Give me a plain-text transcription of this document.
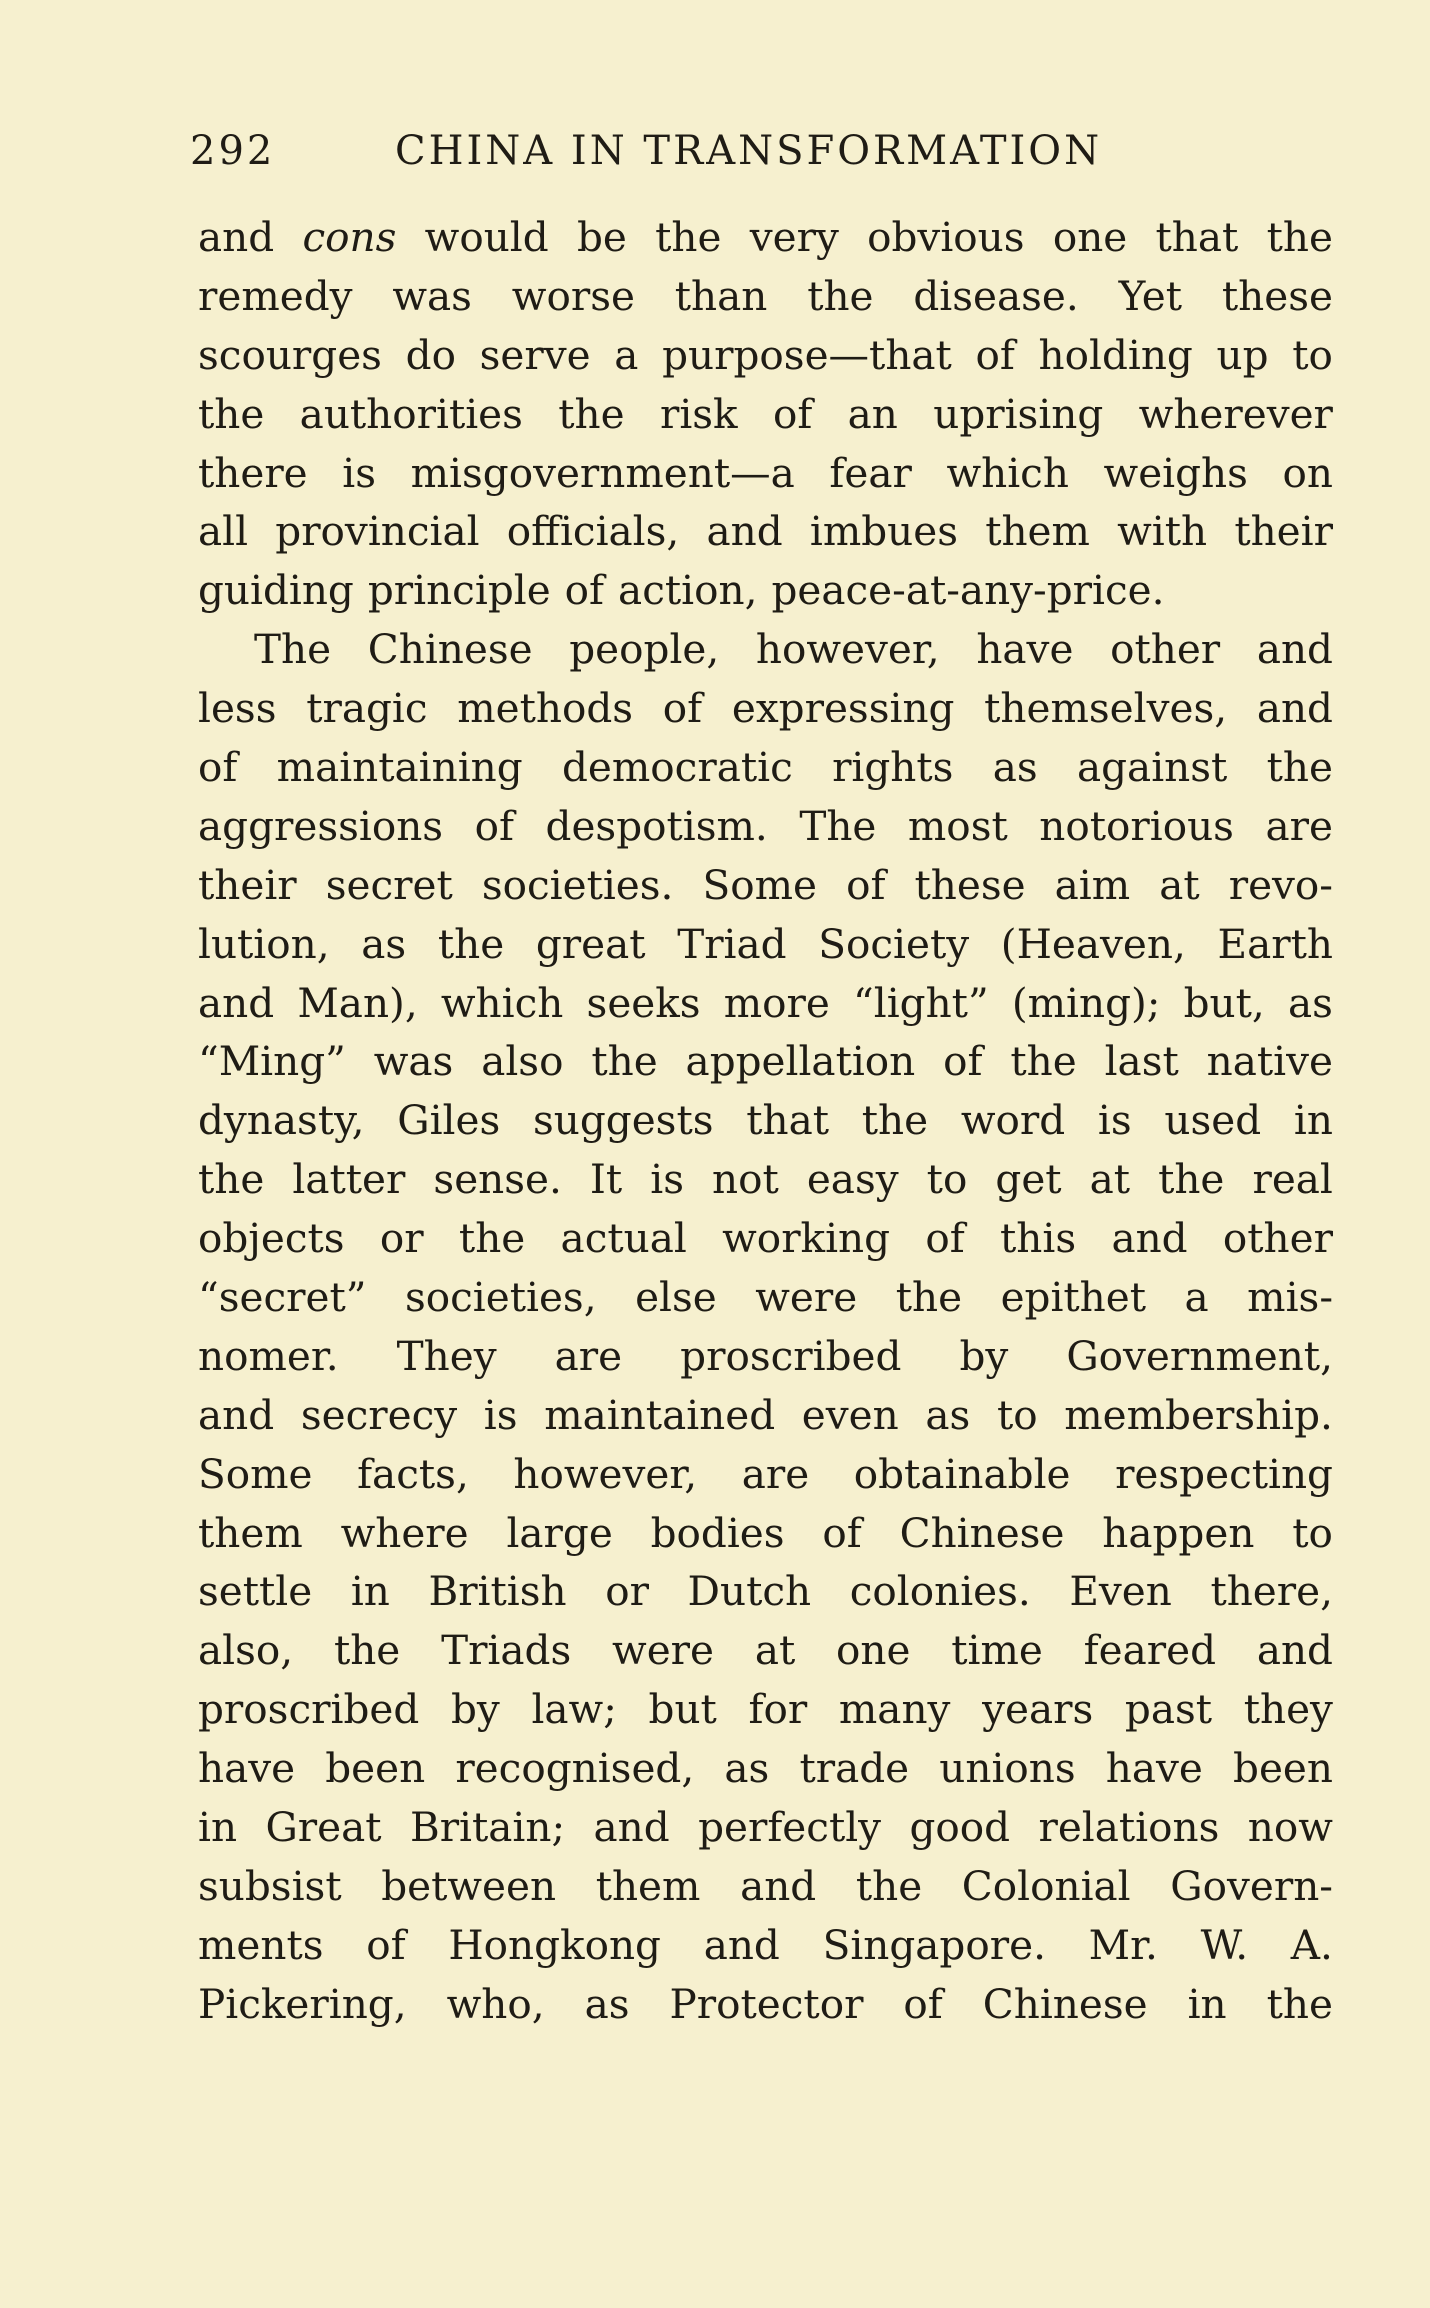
292	CHINA IN TRANSFORMATION
and cons would be the very obvious one that the
remedy was worse than the disease. Yet these
scourges do serve a purpose—that of holding up to
the authorities the risk of an uprising wherever
there is misgovernment—a fear which weighs on
all provincial officials, and imbues them with their
guiding principle of action, peace-at-any-price.
The Chinese people, however, have other and
less tragic methods of expressing themselves, and
of maintaining democratic rights as against the
aggressions of despotism. The most notorious are
their secret societies. Some of these aim at revo-
lution, as the great Triad Society (Heaven, Earth
and Man), which seeks more “light” (ming); but, as
“Ming” was also the appellation of the last native
dynasty, Giles suggests that the word is used in
the latter sense. It is not easy to get at the real
objects or the actual working of this and other
“secret” societies, else were the epithet a mis-
nomer. They are proscribed by Government,
and secrecy is maintained even as to membership.
Some facts, however, are obtainable respecting
them where large bodies of Chinese happen to
settle in British or Dutch colonies. Even there,
also, the Triads were at one time feared and
proscribed by law; but for many years past they
have been recognised, as trade unions have been
in Great Britain; and perfectly good relations now
subsist between them and the Colonial Govern-
ments of Hongkong and Singapore. Mr. W. A.
Pickering, who, as Protector of Chinese in the
